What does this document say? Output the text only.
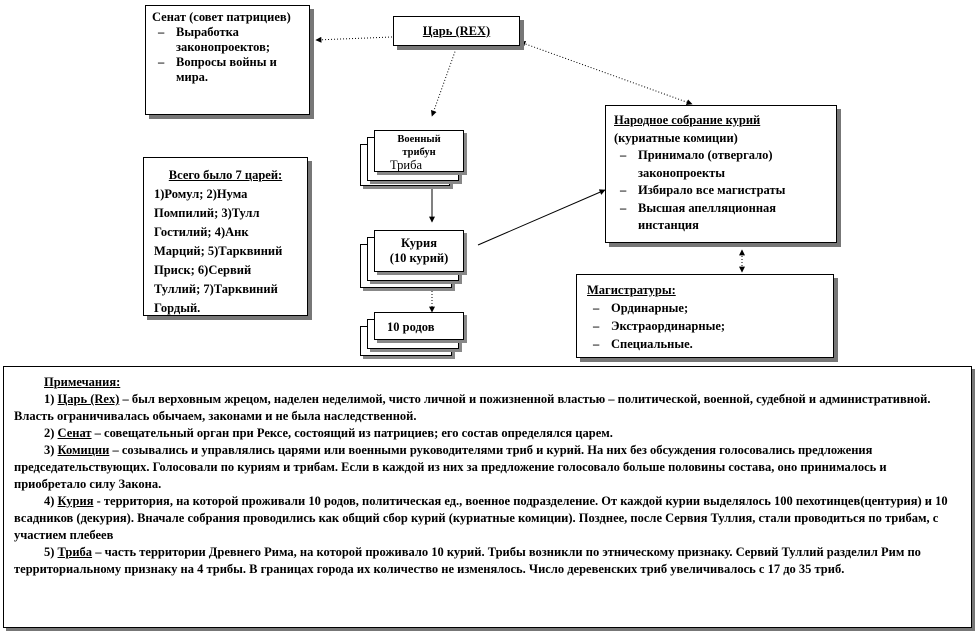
Сенат (совет патрициев)
– Выработка законопроектов;
– Вопросы войны и мира.
Царь (REX)
Военный трибун
Триба
Всего было 7 царей:
1)Ромул; 2)Нума Помпилий; 3)Тулл Гостилий; 4)Анк Марций; 5)Тарквиний Приск; 6)Сервий Туллий; 7)Тарквиний Гордый.
Курия
(10 курий)
10 родов
Народное собрание курий
(куриатные комиции)
– Принимало (отвергало) законопроекты
– Избирало все магистраты
– Высшая апелляционная инстанция
Магистратуры:
– Ординарные;
– Экстраординарные;
– Специальные.

Примечания:

1) Царь (Rex) – был верховным жрецом, наделен неделимой, чисто личной и пожизненной властью – политической, военной, судебной и административной. Власть ограничивалась обычаем, законами и не была наследственной.

2) Сенат – совещательный орган при Рексе, состоящий из патрициев; его состав определялся царем.

3) Комиции – созывались и управлялись царями или военными руководителями триб и курий. На них без обсуждения голосовались предложения председательствующих. Голосовали по куриям и трибам. Если в каждой из них за предложение голосовало больше половины состава, оно принималось и приобретало силу Закона.

4) Курия - территория, на которой проживали 10 родов, политическая ед., военное подразделение. От каждой курии выделялось 100 пехотинцев(центурия) и 10 всадников (декурия). Вначале собрания проводились как общий сбор курий (куриатные комиции). Позднее, после Сервия Туллия, стали проводиться по трибам, с участием плебеев

5) Триба – часть территории Древнего Рима, на которой проживало 10 курий. Трибы возникли по этническому признаку. Сервий Туллий разделил Рим по территориальному признаку на 4 трибы. В границах города их количество не изменялось. Число деревенских триб увеличивалось с 17 до 35 триб.
